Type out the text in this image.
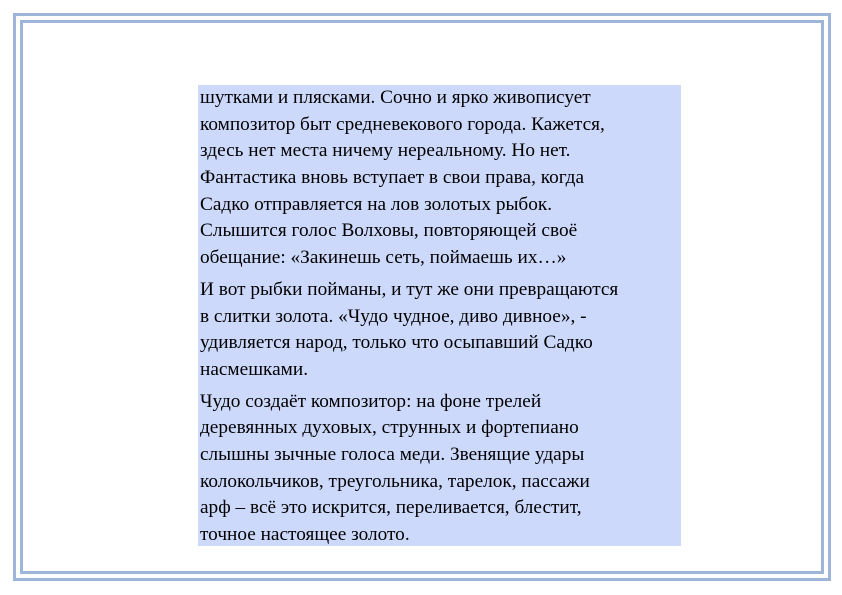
шутками и плясками. Сочно и ярко живописует
композитор быт средневекового города. Кажется,
здесь нет места ничему нереальному. Но нет.
Фантастика вновь вступает в свои права, когда
Садко отправляется на лов золотых рыбок.
Слышится голос Волховы, повторяющей своё
обещание: «Закинешь сеть, поймаешь их…»
И вот рыбки пойманы, и тут же они превращаются
в слитки золота. «Чудо чудное, диво дивное», -
удивляется народ, только что осыпавший Садко
насмешками.
Чудо создаёт композитор: на фоне трелей
деревянных духовых, струнных и фортепиано
слышны зычные голоса меди. Звенящие удары
колокольчиков, треугольника, тарелок, пассажи
арф – всё это искрится, переливается, блестит,
точное настоящее золото.
